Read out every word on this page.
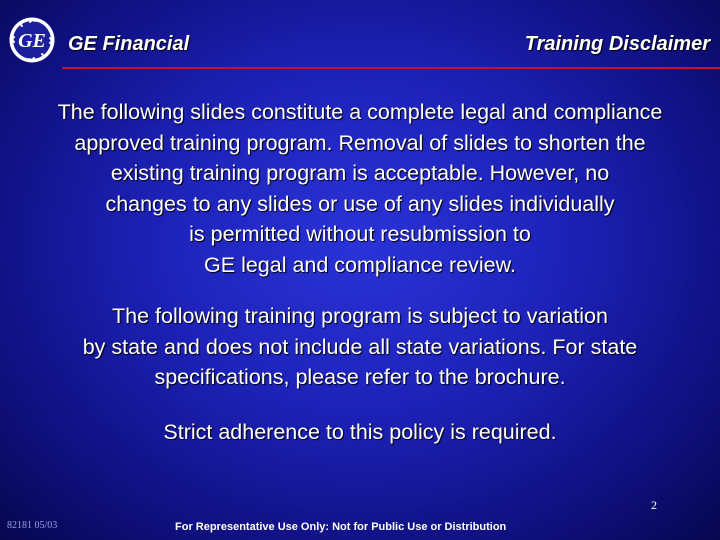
GE GE Financial	Training Disclaimer
The following slides constitute a complete legal and compliance
approved training program. Removal of slides to shorten the
existing training program is acceptable. However, no
changes to any slides or use of any slides individually
is permitted without resubmission to
GE legal and compliance review.
The following training program is subject to variation
by state and does not include all state variations. For state
specifications, please refer to the brochure.
Strict adherence to this policy is required.
2
82181 05/03	For Representative Use Only: Not for Public Use or Distribution
